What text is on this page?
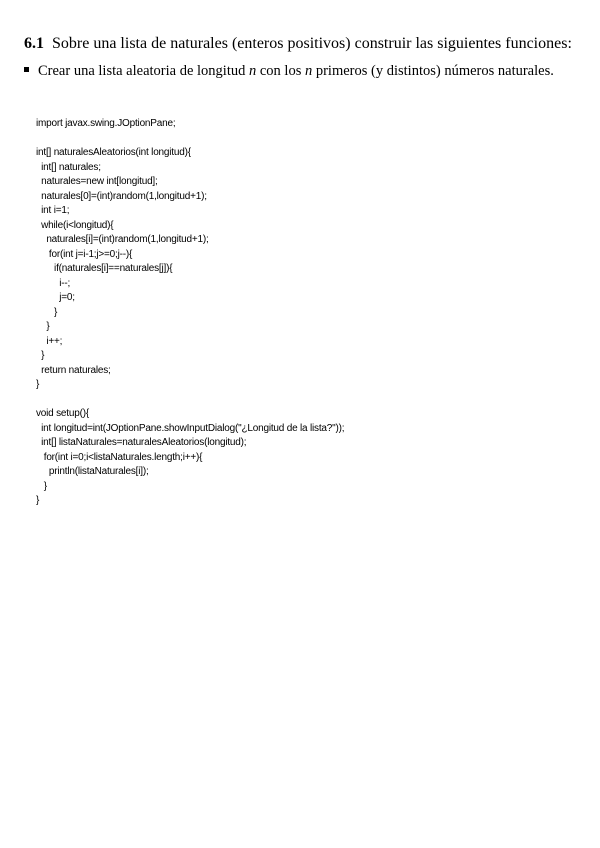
6.1 Sobre una lista de naturales (enteros positivos) construir las siguientes funciones:
Crear una lista aleatoria de longitud n con los n primeros (y distintos) números naturales.
import javax.swing.JOptionPane;
int[] naturalesAleatorios(int longitud){
int[] naturales;
naturales=new int[longitud];
naturales[0]=(int)random(1,longitud+1);
int i=1;
while(i<longitud){
naturales[i]=(int)random(1,longitud+1);
for(int j=i-1;j>=0;j--){
if(naturales[i]==naturales[j]){
i--;
j=0;
}
}
i++;
}
return naturales;
}
void setup(){
int longitud=int(JOptionPane.showInputDialog("¿Longitud de la lista?"));
int[] listaNaturales=naturalesAleatorios(longitud);
for(int i=0;i<listaNaturales.length;i++){
println(listaNaturales[i]);
}
}
